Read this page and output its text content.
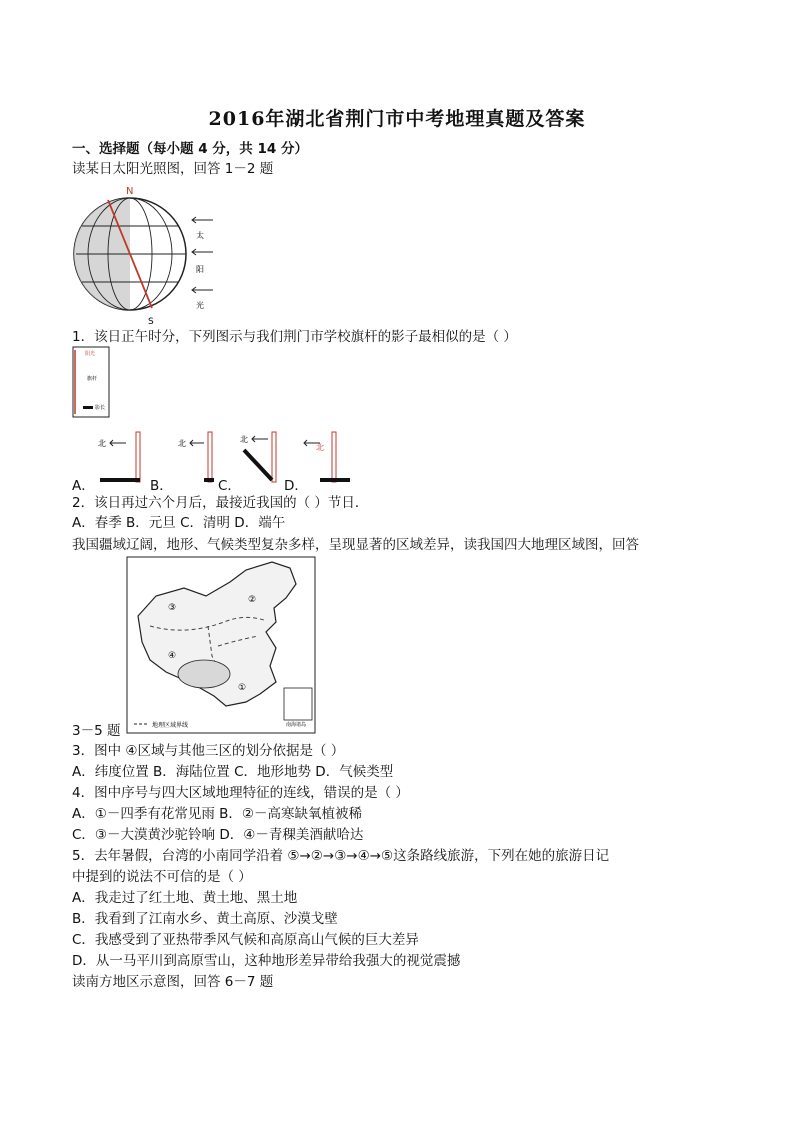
2016年湖北省荆门市中考地理真题及答案
一、选择题（每小题 4 分，共 14 分）
读某日太阳光照图，回答 1－2 题
N
S
太
阳
光
1．该日正午时分，下列图示与我们荆门市学校旗杆的影子最相似的是（ ）
阳光
旗杆
影长
北	北	北
北
A．	B．	C．	D．
2．该日再过六个月后，最接近我国的（ ）节日．
A．春季 B．元旦 C．清明 D．端午
我国疆域辽阔，地形、气候类型复杂多样，呈现显著的区域差异，读我国四大地理区域图，回答
③
④
②
①
南海诸岛
地理区域界线
3－5 题
3．图中 ④区域与其他三区的划分依据是（ ）
A．纬度位置 B．海陆位置 C．地形地势 D．气候类型
4．图中序号与四大区域地理特征的连线，错误的是（ ）
A．①－四季有花常见雨 B．②－高寒缺氧植被稀
C．③－大漠黄沙驼铃响 D．④－青稞美酒献哈达
5．去年暑假，台湾的小南同学沿着 ⑤→②→③→④→⑤这条路线旅游，下列在她的旅游日记
中提到的说法不可信的是（ ）
A．我走过了红土地、黄土地、黑土地
B．我看到了江南水乡、黄土高原、沙漠戈壁
C．我感受到了亚热带季风气候和高原高山气候的巨大差异
D．从一马平川到高原雪山，这种地形差异带给我强大的视觉震撼
读南方地区示意图，回答 6－7 题
